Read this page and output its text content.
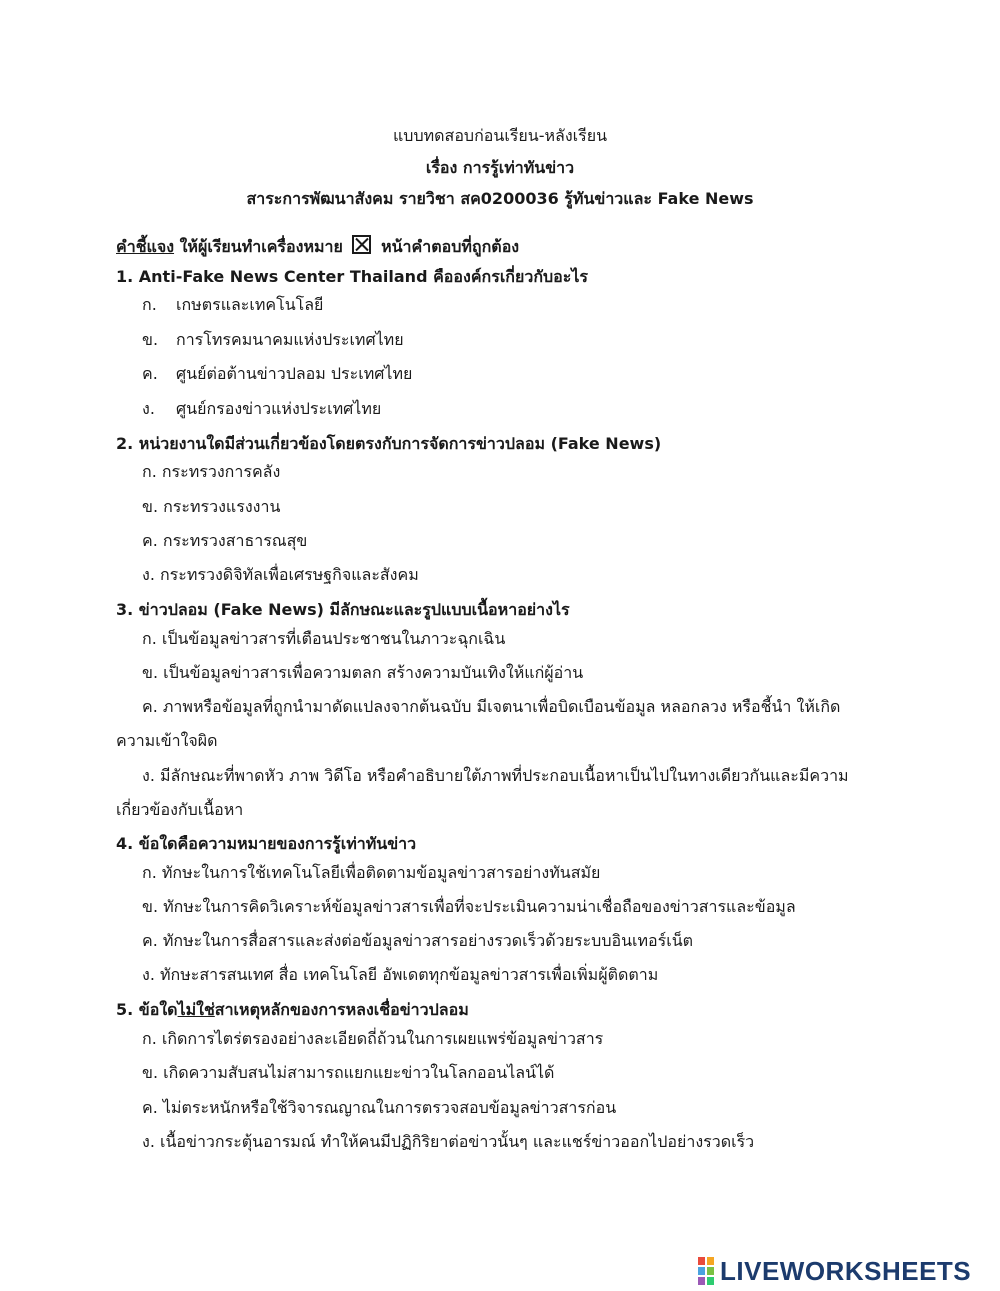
แบบทดสอบก่อนเรียน-หลังเรียน
เรื่อง การรู้เท่าทันข่าว
สาระการพัฒนาสังคม รายวิชา สค0200036 รู้ทันข่าวและ Fake News
คำชี้แจง ให้ผู้เรียนทำเครื่องหมาย หน้าคำตอบที่ถูกต้อง
1. Anti-Fake News Center Thailand คือองค์กรเกี่ยวกับอะไร
ก. เกษตรและเทคโนโลยี
ข. การโทรคมนาคมแห่งประเทศไทย
ค. ศูนย์ต่อต้านข่าวปลอม ประเทศไทย
ง. ศูนย์กรองข่าวแห่งประเทศไทย
2. หน่วยงานใดมีส่วนเกี่ยวข้องโดยตรงกับการจัดการข่าวปลอม (Fake News)
ก. กระทรวงการคลัง
ข. กระทรวงแรงงาน
ค. กระทรวงสาธารณสุข
ง. กระทรวงดิจิทัลเพื่อเศรษฐกิจและสังคม
3. ข่าวปลอม (Fake News) มีลักษณะและรูปแบบเนื้อหาอย่างไร
ก. เป็นข้อมูลข่าวสารที่เตือนประชาชนในภาวะฉุกเฉิน
ข. เป็นข้อมูลข่าวสารเพื่อความตลก สร้างความบันเทิงให้แก่ผู้อ่าน
ค. ภาพหรือข้อมูลที่ถูกนำมาดัดแปลงจากต้นฉบับ มีเจตนาเพื่อบิดเบือนข้อมูล หลอกลวง หรือชี้นำ ให้เกิด
ความเข้าใจผิด
ง. มีลักษณะที่พาดหัว ภาพ วิดีโอ หรือคำอธิบายใต้ภาพที่ประกอบเนื้อหาเป็นไปในทางเดียวกันและมีความ
เกี่ยวข้องกับเนื้อหา
4. ข้อใดคือความหมายของการรู้เท่าทันข่าว
ก. ทักษะในการใช้เทคโนโลยีเพื่อติดตามข้อมูลข่าวสารอย่างทันสมัย
ข. ทักษะในการคิดวิเคราะห์ข้อมูลข่าวสารเพื่อที่จะประเมินความน่าเชื่อถือของข่าวสารและข้อมูล
ค. ทักษะในการสื่อสารและส่งต่อข้อมูลข่าวสารอย่างรวดเร็วด้วยระบบอินเทอร์เน็ต
ง. ทักษะสารสนเทศ สื่อ เทคโนโลยี อัพเดตทุกข้อมูลข่าวสารเพื่อเพิ่มผู้ติดตาม
5. ข้อใดไม่ใช่สาเหตุหลักของการหลงเชื่อข่าวปลอม
ก. เกิดการไตร่ตรองอย่างละเอียดถี่ถ้วนในการเผยแพร่ข้อมูลข่าวสาร
ข. เกิดความสับสนไม่สามารถแยกแยะข่าวในโลกออนไลน์ได้
ค. ไม่ตระหนักหรือใช้วิจารณญาณในการตรวจสอบข้อมูลข่าวสารก่อน
ง. เนื้อข่าวกระตุ้นอารมณ์ ทำให้คนมีปฏิกิริยาต่อข่าวนั้นๆ และแชร์ข่าวออกไปอย่างรวดเร็ว
LIVEWORKSHEETS
